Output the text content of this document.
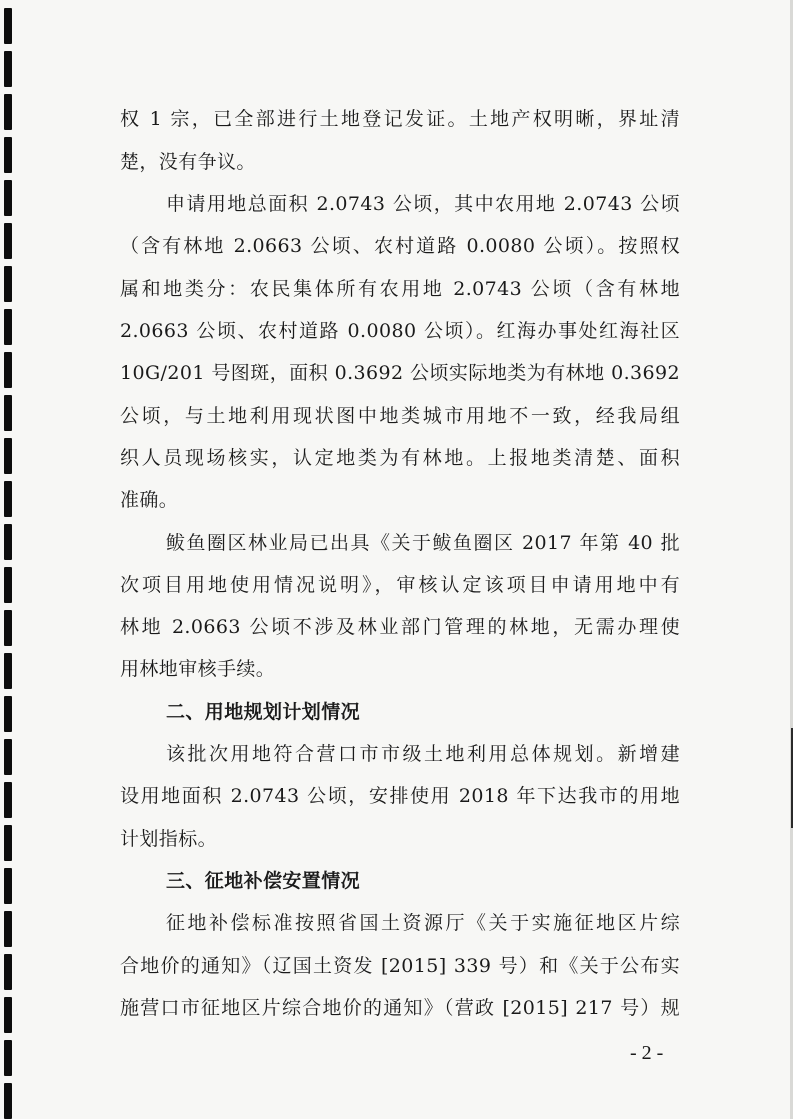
权 1 宗，已全部进行土地登记发证。土地产权明晰，界址清
楚，没有争议。
申请用地总面积 2.0743 公顷，其中农用地 2.0743 公顷
（含有林地 2.0663 公顷、农村道路 0.0080 公顷）。按照权
属和地类分：农民集体所有农用地 2.0743 公顷（含有林地
2.0663 公顷、农村道路 0.0080 公顷）。红海办事处红海社区
10G/201 号图斑，面积 0.3692 公顷实际地类为有林地 0.3692
公顷，与土地利用现状图中地类城市用地不一致，经我局组
织人员现场核实，认定地类为有林地。上报地类清楚、面积
准确。
鲅鱼圈区林业局已出具《关于鲅鱼圈区 2017 年第 40 批
次项目用地使用情况说明》，审核认定该项目申请用地中有
林地 2.0663 公顷不涉及林业部门管理的林地，无需办理使
用林地审核手续。
二、用地规划计划情况
该批次用地符合营口市市级土地利用总体规划。新增建
设用地面积 2.0743 公顷，安排使用 2018 年下达我市的用地
计划指标。
三、征地补偿安置情况
征地补偿标准按照省国土资源厅《关于实施征地区片综
合地价的通知》（辽国土资发 [2015] 339 号）和《关于公布实
施营口市征地区片综合地价的通知》（营政 [2015] 217 号）规
- 2 -
